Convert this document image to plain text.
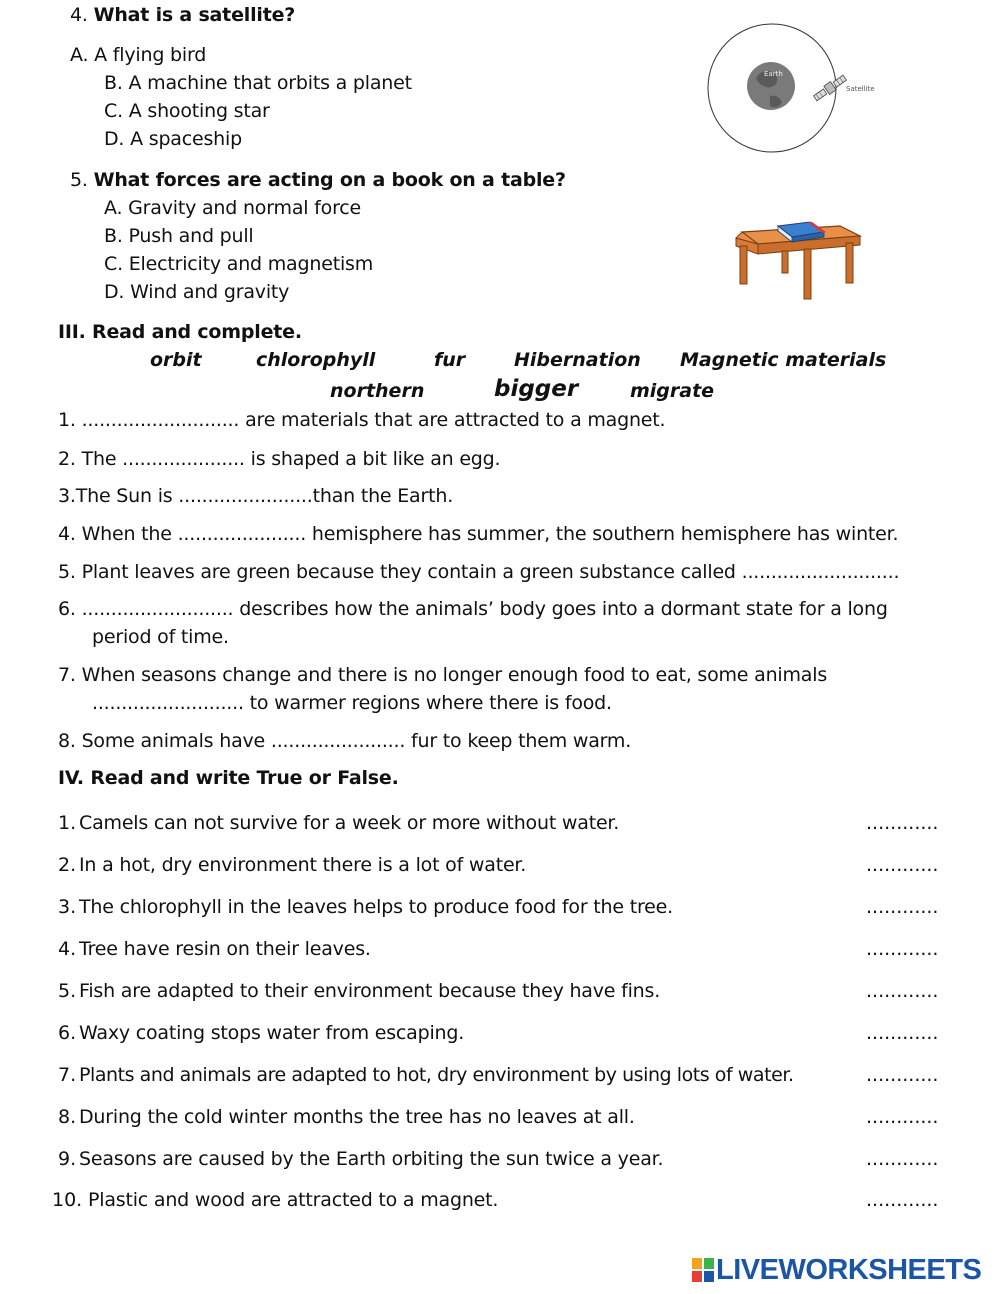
4. What is a satellite?
A. A flying bird
B. A machine that orbits a planet
C. A shooting star
D. A spaceship
Earth
Satellite
5. What forces are acting on a book on a table?
A. Gravity and normal force
B. Push and pull
C. Electricity and magnetism
D. Wind and gravity
III. Read and complete.
orbit	chlorophyll	fur	Hibernation Magnetic materials
northern	bigger	migrate
1. ........................... are materials that are attracted to a magnet.
2. The ..................... is shaped a bit like an egg.
3.The Sun is .......................than the Earth.
4. When the ...................... hemisphere has summer, the southern hemisphere has winter.
5. Plant leaves are green because they contain a green substance called ...........................
6. .......................... describes how the animals’ body goes into a dormant state for a long
period of time.
7. When seasons change and there is no longer enough food to eat, some animals
.......................... to warmer regions where there is food.
8. Some animals have ....................... fur to keep them warm.
IV. Read and write True or False.
1. Camels can not survive for a week or more without water.	............
2. In a hot, dry environment there is a lot of water.	............
3. The chlorophyll in the leaves helps to produce food for the tree.	............
4. Tree have resin on their leaves.	............
5. Fish are adapted to their environment because they have fins.	............
6. Waxy coating stops water from escaping.	............
7. Plants and animals are adapted to hot, dry environment by using lots of water.	............
8. During the cold winter months the tree has no leaves at all.	............
9. Seasons are caused by the Earth orbiting the sun twice a year.	............
10. Plastic and wood are attracted to a magnet.	............
LIVEWORKSHEETS
